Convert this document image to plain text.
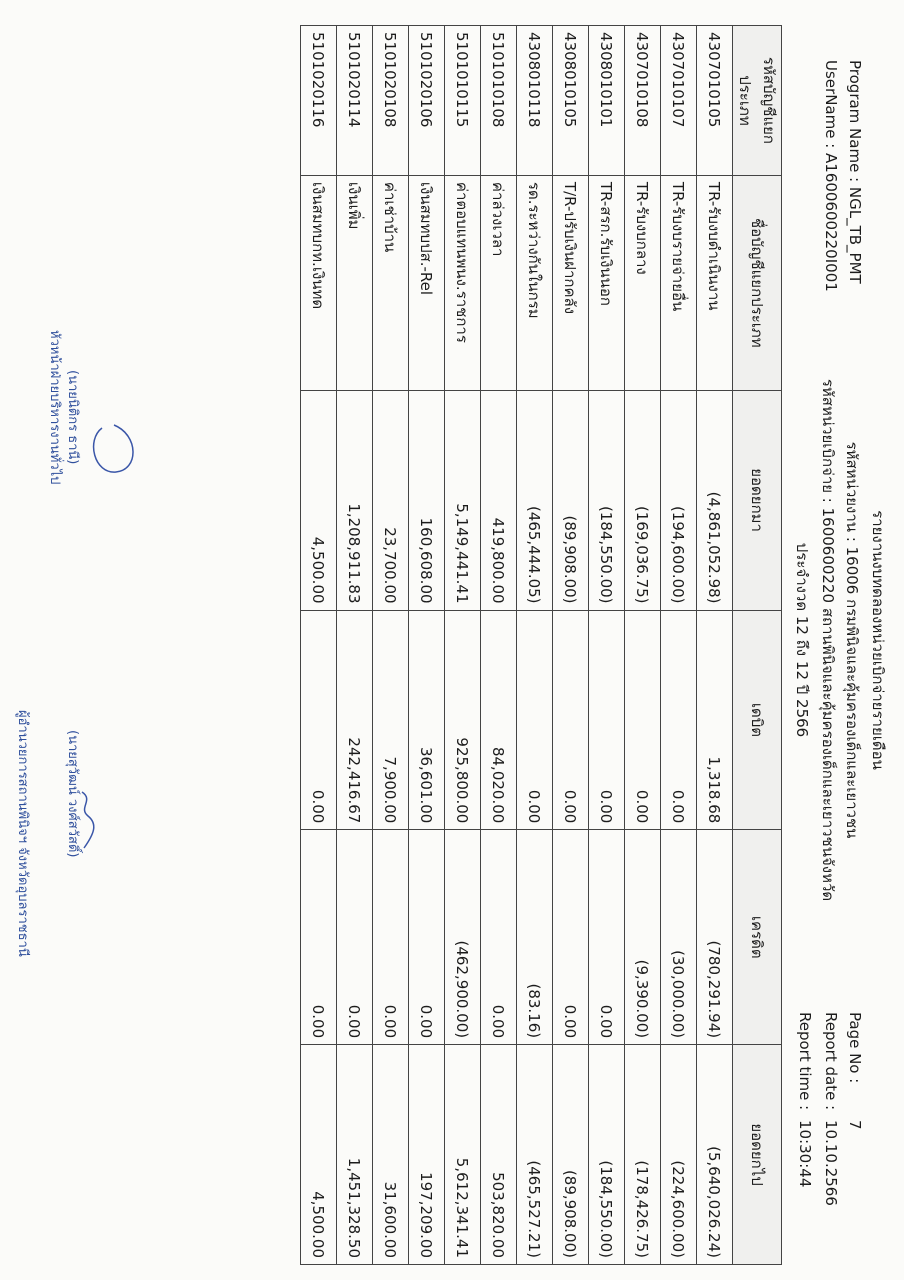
รายงานงบทดลองหน่วยเบิกจ่ายรายเดือน
รหัสหน่วยงาน : 16006 กรมพินิจและคุ้มครองเด็กและเยาวชน
รหัสหน่วยเบิกจ่าย : 1600600220 สถานพินิจและคุ้มครองเด็กและเยาวชนจังหวัด
ประจำงวด 12 ถึง 12 ปี 2566
Program Name : NGL_TB_PMT
UserName : A1600600220I001
Page No :7
Report date :10.10.2566
Report time :10:30:44
รหัสบัญชีแยกประเภท	ชื่อบัญชีแยกประเภท	ยอดยกมา	เดบิต	เครดิต	ยอดยกไป
4307010105	TR-รับงบดำเนินงาน	(4,861,052.98)	1,318.68	(780,291.94)	(5,640,026.24)
4307010107	TR-รับงบรายจ่ายอื่น	(194,600.00)	0.00	(30,000.00)	(224,600.00)
4307010108	TR-รับงบกลาง	(169,036.75)	0.00	(9,390.00)	(178,426.75)
4308010101	TR-สรก.รับเงินนอก	(184,550.00)	0.00	0.00	(184,550.00)
4308010105	T/R-ปรับเงินฝากคลัง	(89,908.00)	0.00	0.00	(89,908.00)
4308010118	รด.ระหว่างกันในกรม	(465,444.05)	0.00	(83.16)	(465,527.21)
5101010108	ค่าล่วงเวลา	419,800.00	84,020.00	0.00	503,820.00
5101010115	ค่าตอบแทนพนง.ราชการ	5,149,441.41	925,800.00	(462,900.00)	5,612,341.41
5101020106	เงินสมทบปส.-Rel	160,608.00	36,601.00	0.00	197,209.00
5101020108	ค่าเช่าบ้าน	23,700.00	7,900.00	0.00	31,600.00
5101020114	เงินเพิ่ม	1,208,911.83	242,416.67	0.00	1,451,328.50
5101020116	เงินสมทบกท.เงินทด	4,500.00	0.00	0.00	4,500.00
(นายนิติกร ธานี)
หัวหน้าฝ่ายบริหารงานทั่วไป
(นายสุวัฒน์ วงศ์สวัสดิ์)
ผู้อำนวยการสถานพินิจฯ จังหวัดอุบลราชธานี
